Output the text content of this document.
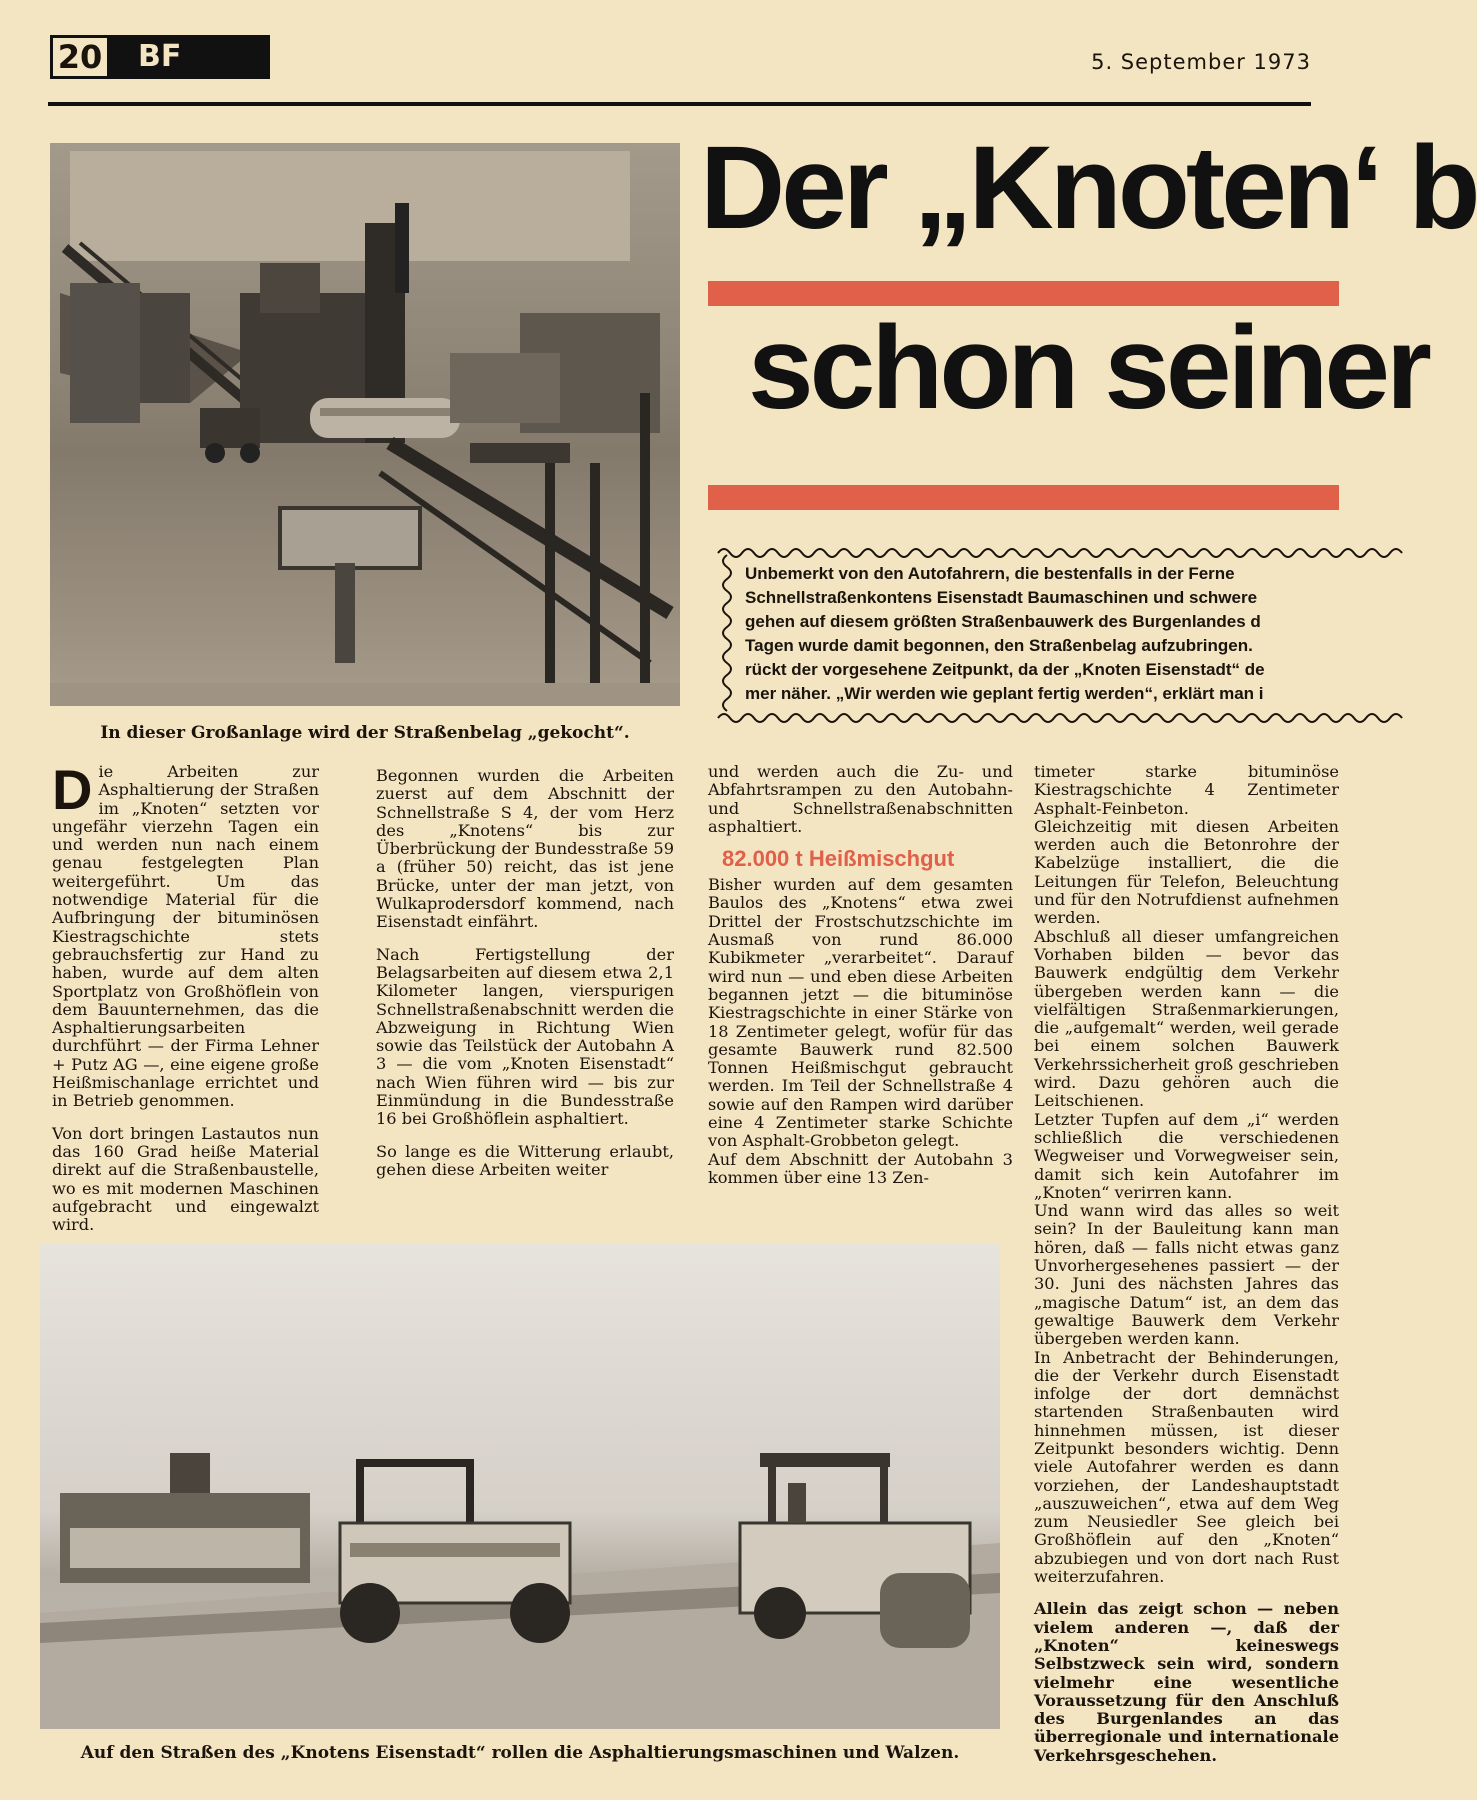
20	BF	5. September 1973
In dieser Großanlage wird der Straßenbelag „gekocht“.
Der „Knoten‘ b
schon seiner
Unbemerkt von den Autofahrern, die bestenfalls in der Ferne
Schnellstraßenkontens Eisenstadt Baumaschinen und schwere
gehen auf diesem größten Straßenbauwerk des Burgenlandes d
Tagen wurde damit begonnen, den Straßenbelag aufzubringen.
rückt der vorgesehene Zeitpunkt, da der „Knoten Eisenstadt“ de
mer näher. „Wir werden wie geplant fertig werden“, erklärt man i

Die Arbeiten zur Asphaltierung der Straßen im „Knoten“ setzten vor ungefähr vierzehn Tagen ein und werden nun nach einem genau festgelegten Plan weitergeführt. Um das notwendige Material für die Aufbringung der bituminösen Kiestragschichte stets gebrauchsfertig zur Hand zu haben, wurde auf dem alten Sportplatz von Großhöflein von dem Bauunternehmen, das die Asphaltierungsarbeiten durchführt — der Firma Lehner + Putz AG —, eine eigene große Heißmischanlage errichtet und in Betrieb genommen.

Von dort bringen Lastautos nun das 160 Grad heiße Material direkt auf die Straßenbaustelle, wo es mit modernen Maschinen aufgebracht und eingewalzt wird.

Begonnen wurden die Arbeiten zuerst auf dem Abschnitt der Schnellstraße S 4, der vom Herz des „Knotens“ bis zur Überbrückung der Bundesstraße 59 a (früher 50) reicht, das ist jene Brücke, unter der man jetzt, von Wulkaprodersdorf kommend, nach Eisenstadt einfährt.

Nach Fertigstellung der Belagsarbeiten auf diesem etwa 2,1 Kilometer langen, vierspurigen Schnellstraßenabschnitt werden die Abzweigung in Richtung Wien sowie das Teilstück der Autobahn A 3 — die vom „Knoten Eisenstadt“ nach Wien führen wird — bis zur Einmündung in die Bundesstraße 16 bei Großhöflein asphaltiert.

So lange es die Witterung erlaubt, gehen diese Arbeiten weiter

und werden auch die Zu- und Abfahrtsrampen zu den Autobahn- und Schnellstraßenabschnitten asphaltiert.

82.000 t Heißmischgut

Bisher wurden auf dem gesamten Baulos des „Knotens“ etwa zwei Drittel der Frostschutzschichte im Ausmaß von rund 86.000 Kubikmeter „verarbeitet“. Darauf wird nun — und eben diese Arbeiten begannen jetzt — die bituminöse Kiestragschichte in einer Stärke von 18 Zentimeter gelegt, wofür für das gesamte Bauwerk rund 82.500 Tonnen Heißmischgut gebraucht werden. Im Teil der Schnellstraße 4 sowie auf den Rampen wird darüber eine 4 Zentimeter starke Schichte von Asphalt-Grobbeton gelegt.

Auf dem Abschnitt der Autobahn 3 kommen über eine 13 Zen-

timeter starke bituminöse Kiestragschichte 4 Zentimeter Asphalt-Feinbeton.

Gleichzeitig mit diesen Arbeiten werden auch die Betonrohre der Kabelzüge installiert, die die Leitungen für Telefon, Beleuchtung und für den Notrufdienst aufnehmen werden.

Abschluß all dieser umfangreichen Vorhaben bilden — bevor das Bauwerk endgültig dem Verkehr übergeben werden kann — die vielfältigen Straßenmarkierungen, die „aufgemalt“ werden, weil gerade bei einem solchen Bauwerk Verkehrssicherheit groß geschrieben wird. Dazu gehören auch die Leitschienen.

Letzter Tupfen auf dem „i“ werden schließlich die verschiedenen Wegweiser und Vorwegweiser sein, damit sich kein Autofahrer im „Knoten“ verirren kann.

Und wann wird das alles so weit sein? In der Bauleitung kann man hören, daß — falls nicht etwas ganz Unvorhergesehenes passiert — der 30. Juni des nächsten Jahres das „magische Datum“ ist, an dem das gewaltige Bauwerk dem Verkehr übergeben werden kann.

In Anbetracht der Behinderungen, die der Verkehr durch Eisenstadt infolge der dort demnächst startenden Straßenbauten wird hinnehmen müssen, ist dieser Zeitpunkt besonders wichtig. Denn viele Autofahrer werden es dann vorziehen, der Landeshauptstadt „auszuweichen“, etwa auf dem Weg zum Neusiedler See gleich bei Großhöflein auf den „Knoten“ abzubiegen und von dort nach Rust weiterzufahren.

Allein das zeigt schon — neben vielem anderen —, daß der „Knoten“ keineswegs Selbstzweck sein wird, sondern vielmehr eine wesentliche Voraussetzung für den Anschluß des Burgenlandes an das überregionale und internationale Verkehrsgeschehen.

Auf den Straßen des „Knotens Eisenstadt“ rollen die Asphaltierungsmaschinen und Walzen.
